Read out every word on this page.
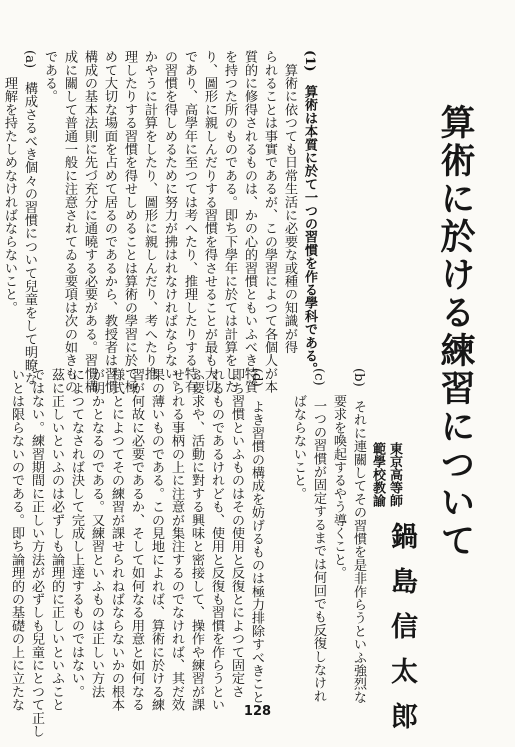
算術に於ける練習について
東京高等師
範學校教諭
鍋島信太郎
(1)　算術は本質に於て一つの習慣を作る學科である。
　算術に依つても日常生活に必要な或種の知識が得
られることは事實であるが、この學習によつて各個人が本
質的に修得されるものは、かの心的習慣ともいふべき特質
を持つた所のものである。即ち下學年に於ては計算をした
り、圖形に親しんだりする習慣を得させることが最も大切
であり、高學年に至つては考へたり、推理したりする特有
の習慣を得しめるために努力が拂はれなければならない。
かやうに計算をしたり、圖形に親しんだり、考へたり推
理したりする習慣を得せしめることは算術の學習に於て極
めて大切な場面を占めて居るのであるから、教授者は習慣
構成の基本法則に先づ充分に通曉する必要がある。習慣構
成に關して普通一般に注意されてゐる要項は次の如きもの
である。
(a)　構成さるべき個々の習慣について兒童をして明瞭な
　　理解を持たしめなければならないこと。
(b)　それに連關してその習慣を是非作らうといふ強烈な
　　要求を喚起するやう導くこと。
(c)　一つの習慣が固定するまでは何回でも反復しなけれ
　　ばならないこと。
(d)　よき習慣の構成を妨げるものは極力排除すべきこと
即ち習慣といふものはその使用と反復とによつて固定さ
れるものであるけれども、使用と反復も習慣を作らうとい
ふ要求や、活動に對する興味と密接して、操作や練習が課
せられる事柄の上に注意が集注するのでなければ、其だ效
果の薄いものである。この見地によれば、算術に於ける練
習が何故に必要であるか、そして如何なる用意と如何なる
様式とによつてその練習が課せられねばならないかの根本
が明かとなるのである。又練習といふものは正しい方法
によつてなされば決して完成し上達するものではない。
茲に正しいといふのは必ずしも論理的に正しいといふこと
ではない。練習期間に正しい方法が必ずしも兒童にとつて正し
いとは限らないのである。即ち論理的の基礎の上に立たな
128
